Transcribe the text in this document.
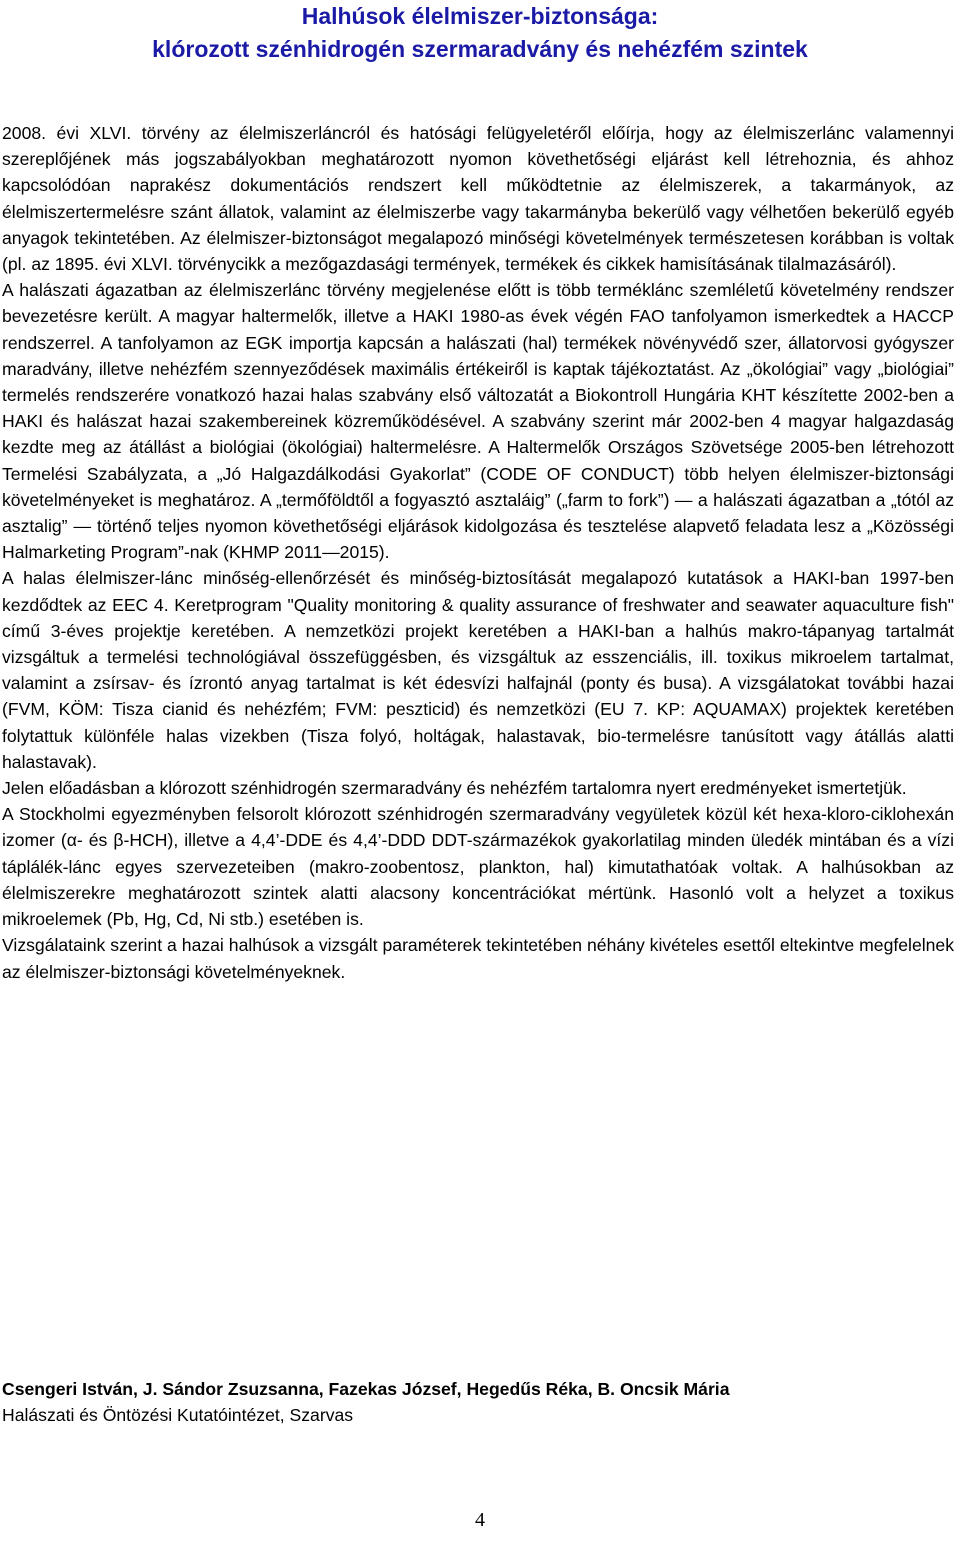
Halhúsok élelmiszer-biztonsága:
klórozott szénhidrogén szermaradvány és nehézfém szintek

2008. évi XLVI. törvény az élelmiszerláncról és hatósági felügyeletéről előírja, hogy az élelmiszerlánc valamennyi szereplőjének más jogszabályokban meghatározott nyomon követhetőségi eljárást kell létrehoznia, és ahhoz kapcsolódóan naprakész dokumentációs rendszert kell működtetnie az élelmiszerek, a takarmányok, az élelmiszertermelésre szánt állatok, valamint az élelmiszerbe vagy takarmányba bekerülő vagy vélhetően bekerülő egyéb anyagok tekintetében. Az élelmiszer-biztonságot megalapozó minőségi követelmények természetesen korábban is voltak (pl. az 1895. évi XLVI. törvénycikk a mezőgazdasági termények, termékek és cikkek hamisításának tilalmazásáról).

A halászati ágazatban az élelmiszerlánc törvény megjelenése előtt is több terméklánc szemléletű követelmény rendszer bevezetésre került. A magyar haltermelők, illetve a HAKI 1980-as évek végén FAO tanfolyamon ismerkedtek a HACCP rendszerrel. A tanfolyamon az EGK importja kapcsán a halászati (hal) termékek növényvédő szer, állatorvosi gyógyszer maradvány, illetve nehézfém szennyeződések maximális értékeiről is kaptak tájékoztatást. Az „ökológiai” vagy „biológiai” termelés rendszerére vonatkozó hazai halas szabvány első változatát a Biokontroll Hungária KHT készítette 2002-ben a HAKI és halászat hazai szakembereinek közreműködésével. A szabvány szerint már 2002-ben 4 magyar halgazdaság kezdte meg az átállást a biológiai (ökológiai) haltermelésre. A Haltermelők Országos Szövetsége 2005-ben létrehozott Termelési Szabályzata, a „Jó Halgazdálkodási Gyakorlat” (CODE OF CONDUCT) több helyen élelmiszer-biztonsági követelményeket is meghatároz. A „termőföldtől a fogyasztó asztaláig” („farm to fork”) — a halászati ágazatban a „tótól az asztalig” — történő teljes nyomon követhetőségi eljárások kidolgozása és tesztelése alapvető feladata lesz a „Közösségi Halmarketing Program”-nak (KHMP 2011—2015).

A halas élelmiszer-lánc minőség-ellenőrzését és minőség-biztosítását megalapozó kutatások a HAKI-ban 1997-ben kezdődtek az EEC 4. Keretprogram "Quality monitoring & quality assurance of freshwater and seawater aquaculture fish" című 3-éves projektje keretében. A nemzetközi projekt keretében a HAKI-ban a halhús makro-tápanyag tartalmát vizsgáltuk a termelési technológiával összefüggésben, és vizsgáltuk az esszenciális, ill. toxikus mikroelem tartalmat, valamint a zsírsav- és ízrontó anyag tartalmat is két édesvízi halfajnál (ponty és busa). A vizsgálatokat további hazai (FVM, KÖM: Tisza cianid és nehézfém; FVM: peszticid) és nemzetközi (EU 7. KP: AQUAMAX) projektek keretében folytattuk különféle halas vizekben (Tisza folyó, holtágak, halastavak, bio-termelésre tanúsított vagy átállás alatti halastavak).

Jelen előadásban a klórozott szénhidrogén szermaradvány és nehézfém tartalomra nyert eredményeket ismertetjük.

A Stockholmi egyezményben felsorolt klórozott szénhidrogén szermaradvány vegyületek közül két hexa-kloro-ciklohexán izomer (α- és β-HCH), illetve a 4,4’-DDE és 4,4’-DDD DDT-származékok gyakorlatilag minden üledék mintában és a vízi táplálék-lánc egyes szervezeteiben (makro-zoobentosz, plankton, hal) kimutathatóak voltak. A halhúsokban az élelmiszerekre meghatározott szintek alatti alacsony koncentrációkat mértünk. Hasonló volt a helyzet a toxikus mikroelemek (Pb, Hg, Cd, Ni stb.) esetében is.

Vizsgálataink szerint a hazai halhúsok a vizsgált paraméterek tekintetében néhány kivételes esettől eltekintve megfelelnek az élelmiszer-biztonsági követelményeknek.

Csengeri István, J. Sándor Zsuzsanna, Fazekas József, Hegedűs Réka, B. Oncsik Mária

Halászati és Öntözési Kutatóintézet, Szarvas

4
